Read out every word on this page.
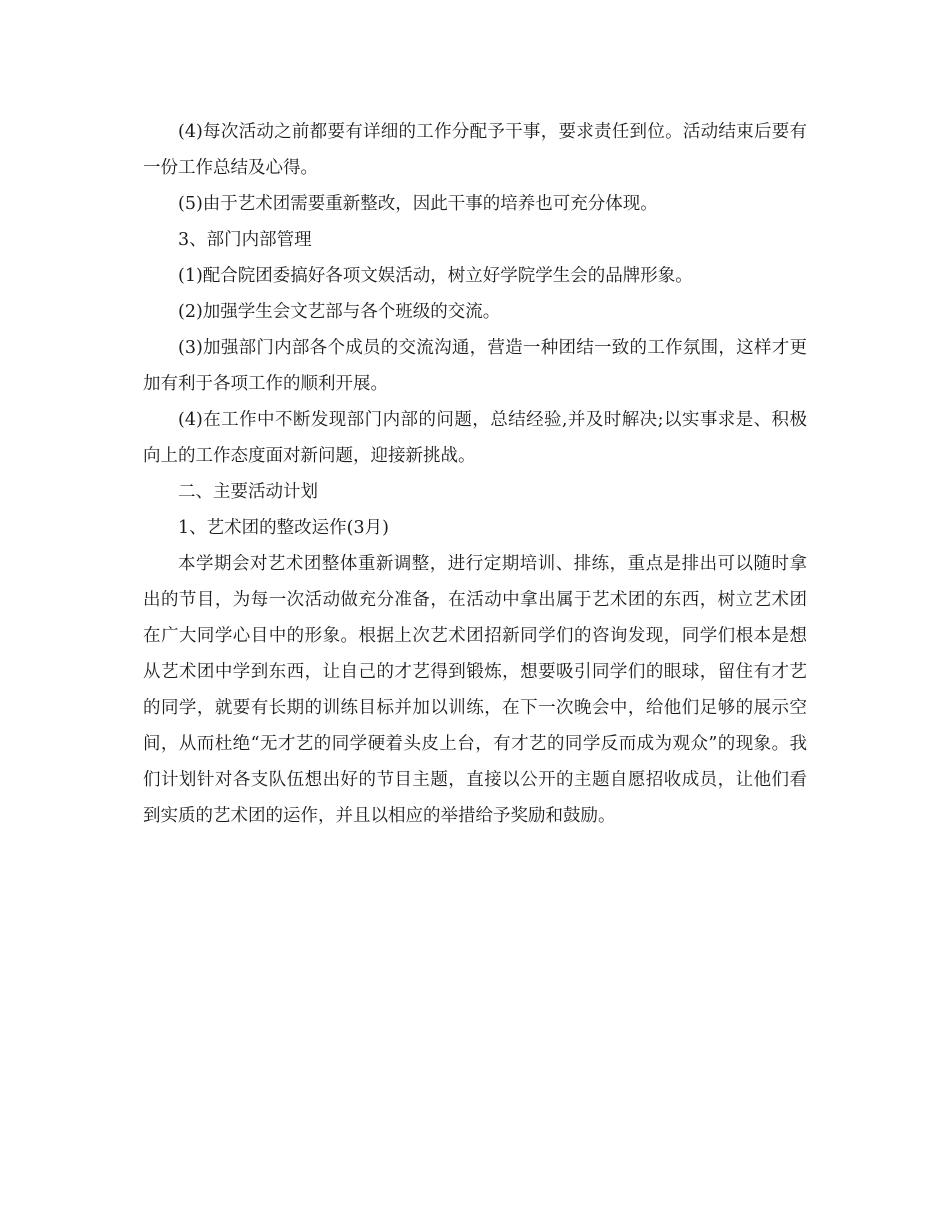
(4)每次活动之前都要有详细的工作分配予干事，要求责任到位。活动结束后要有一份工作总结及心得。

(5)由于艺术团需要重新整改，因此干事的培养也可充分体现。

3、部门内部管理

(1)配合院团委搞好各项文娱活动，树立好学院学生会的品牌形象。

(2)加强学生会文艺部与各个班级的交流。

(3)加强部门内部各个成员的交流沟通，营造一种团结一致的工作氛围，这样才更加有利于各项工作的顺利开展。

(4)在工作中不断发现部门内部的问题，总结经验,并及时解决;以实事求是、积极向上的工作态度面对新问题，迎接新挑战。

二、主要活动计划

1、艺术团的整改运作(3月)

本学期会对艺术团整体重新调整，进行定期培训、排练，重点是排出可以随时拿出的节目，为每一次活动做充分准备，在活动中拿出属于艺术团的东西，树立艺术团在广大同学心目中的形象。根据上次艺术团招新同学们的咨询发现，同学们根本是想从艺术团中学到东西，让自己的才艺得到锻炼，想要吸引同学们的眼球，留住有才艺的同学，就要有长期的训练目标并加以训练，在下一次晚会中，给他们足够的展示空间，从而杜绝“无才艺的同学硬着头皮上台，有才艺的同学反而成为观众”的现象。我们计划针对各支队伍想出好的节目主题，直接以公开的主题自愿招收成员，让他们看到实质的艺术团的运作，并且以相应的举措给予奖励和鼓励。
